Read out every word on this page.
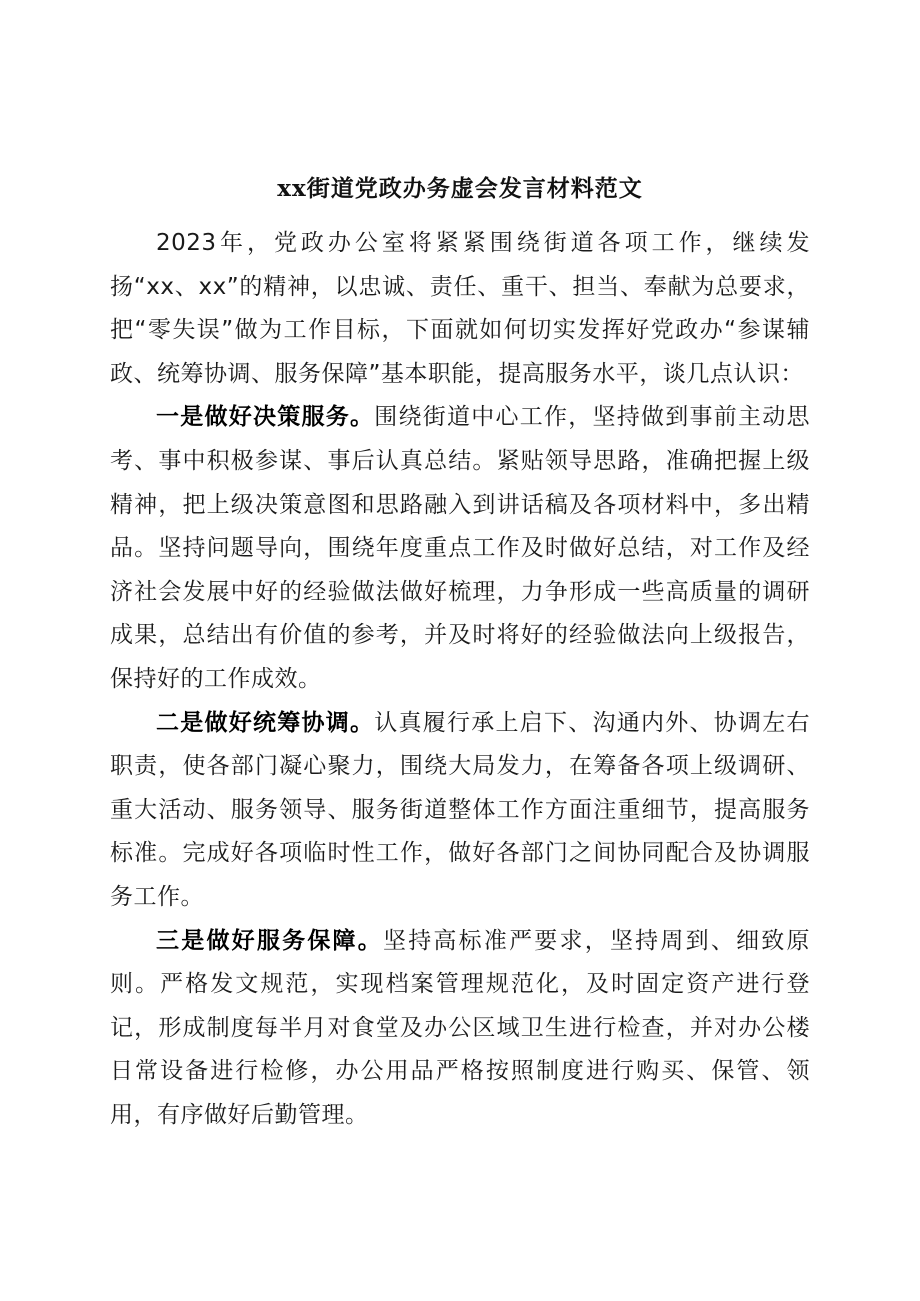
xx街道党政办务虚会发言材料范文

2023年，党政办公室将紧紧围绕街道各项工作，继续发扬“xx、xx”的精神，以忠诚、责任、重干、担当、奉献为总要求，把“零失误”做为工作目标，下面就如何切实发挥好党政办“参谋辅政、统筹协调、服务保障”基本职能，提高服务水平，谈几点认识：

一是做好决策服务。围绕街道中心工作，坚持做到事前主动思考、事中积极参谋、事后认真总结。紧贴领导思路，准确把握上级精神，把上级决策意图和思路融入到讲话稿及各项材料中，多出精品。坚持问题导向，围绕年度重点工作及时做好总结，对工作及经济社会发展中好的经验做法做好梳理，力争形成一些高质量的调研成果，总结出有价值的参考，并及时将好的经验做法向上级报告，保持好的工作成效。

二是做好统筹协调。认真履行承上启下、沟通内外、协调左右职责，使各部门凝心聚力，围绕大局发力，在筹备各项上级调研、重大活动、服务领导、服务街道整体工作方面注重细节，提高服务标准。完成好各项临时性工作，做好各部门之间协同配合及协调服务工作。

三是做好服务保障。坚持高标准严要求，坚持周到、细致原则。严格发文规范，实现档案管理规范化，及时固定资产进行登记，形成制度每半月对食堂及办公区域卫生进行检查，并对办公楼日常设备进行检修，办公用品严格按照制度进行购买、保管、领用，有序做好后勤管理。
